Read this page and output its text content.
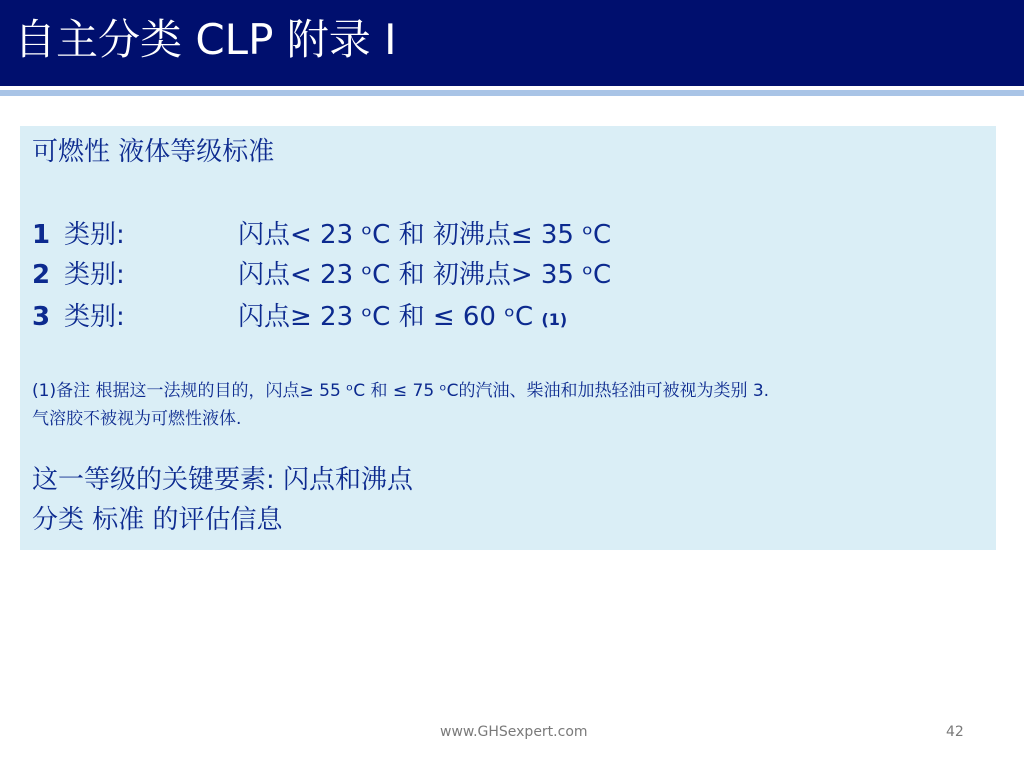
自主分类 CLP 附录 I
可燃性 液体等级标准
1 类别:	闪点< 23 ᵒC 和 初沸点≤ 35 ᵒC
2 类别:	闪点< 23 ᵒC 和 初沸点> 35 ᵒC
3 类别:	闪点≥ 23 ᵒC 和 ≤ 60 ᵒC (1)
(1)备注 根据这一法规的目的，闪点≥ 55 ᵒC 和 ≤ 75 ᵒC的汽油、柴油和加热轻油可被视为类别 3.
气溶胶不被视为可燃性液体.
这一等级的关键要素: 闪点和沸点
分类 标准 的评估信息
www.GHSexpert.com	42
